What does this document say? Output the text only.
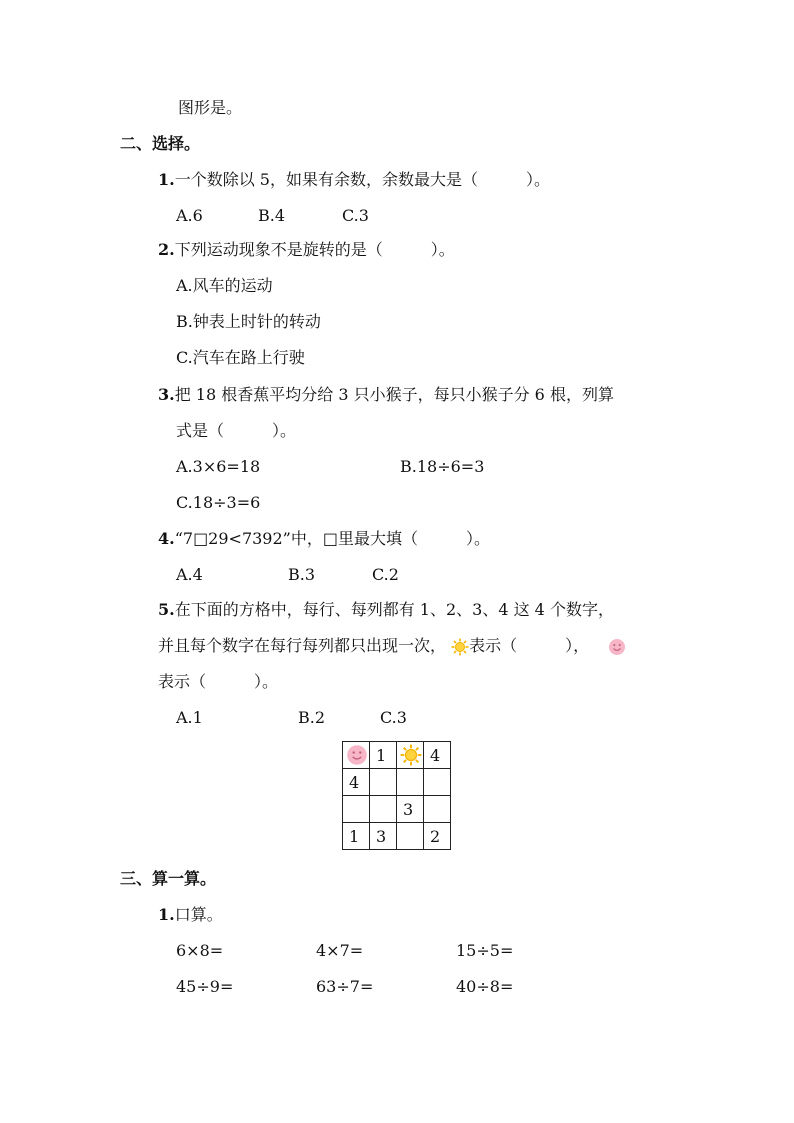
图形是。
二、选择。
1.一个数除以 5，如果有余数，余数最大是（　　　）。
A.6	B.4	C.3
2.下列运动现象不是旋转的是（　　　）。
A.风车的运动
B.钟表上时针的转动
C.汽车在路上行驶
3.把 18 根香蕉平均分给 3 只小猴子，每只小猴子分 6 根，列算
式是（　　　）。
A.3×6=18	B.18÷6=3
C.18÷3=6
4.“7□29<7392”中，□里最大填（　　　）。
A.4	B.3	C.2
5.在下面的方格中，每行、每列都有 1、2、3、4 这 4 个数字，
并且每个数字在每行每列都只出现一次， 表示（　　　），
表示（　　　）。
A.1	B.2	C.3
	1		4
4			
		3	
1	3		2
三、算一算。
1.口算。
6×8=	4×7=	15÷5=
45÷9=	63÷7=	40÷8=
